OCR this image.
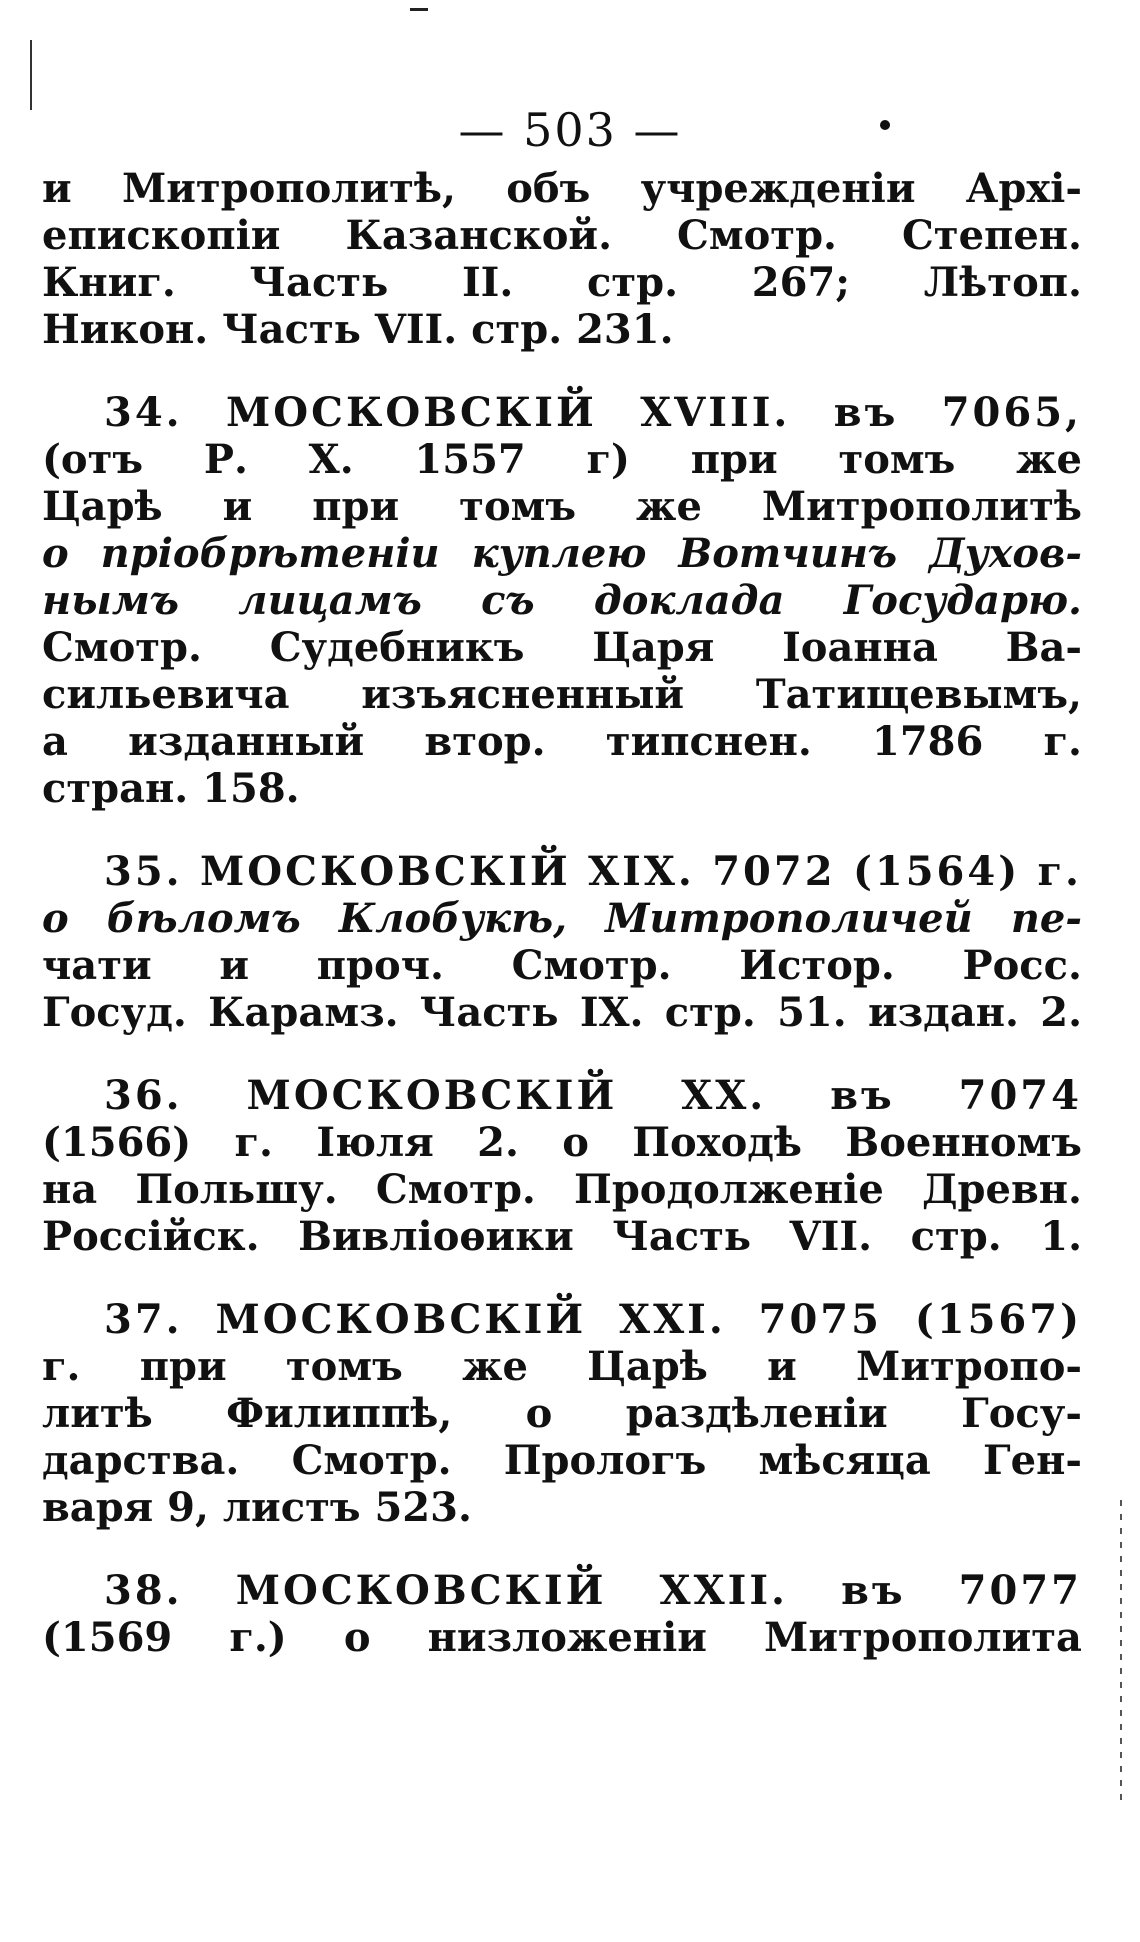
— 503 —
и Митрополитѣ, объ учрежденіи Архі-
епископіи Казанской. Смотр. Степен.
Книг. Часть II. стр. 267; Лѣтоп.
Никон. Часть VII. стр. 231.
34. МОСКОВСКІЙ XVIII. въ 7065,
(отъ Р. Х. 1557 г) при томъ же
Царѣ и при томъ же Митрополитѣ
о пріобрѣтеніи куплею Вотчинъ Духов-
нымъ лицамъ съ доклада Государю.
Смотр. Судебникъ Царя Іоанна Ва-
сильевича изъясненный Татищевымъ,
а изданный втор. типснен. 1786 г.
стран. 158.
35. МОСКОВСКІЙ XIX. 7072 (1564) г.
о бѣломъ Клобукѣ, Митрополичей пе-
чати и проч. Смотр. Истор. Росс.
Госуд. Карамз. Часть IX. стр. 51. издан. 2.
36. МОСКОВСКІЙ XX. въ 7074
(1566) г. Іюля 2. о Походѣ Военномъ
на Польшу. Смотр. Продолженіе Древн.
Россійск. Вивліоѳики Часть VII. стр. 1.
37. МОСКОВСКІЙ XXI. 7075 (1567)
г. при томъ же Царѣ и Митропо-
литѣ Филиппѣ, о раздѣленіи Госу-
дарства. Смотр. Прологъ мѣсяца Ген-
варя 9, листъ 523.
38. МОСКОВСКІЙ XXII. въ 7077
(1569 г.) о низложеніи Митрополита
